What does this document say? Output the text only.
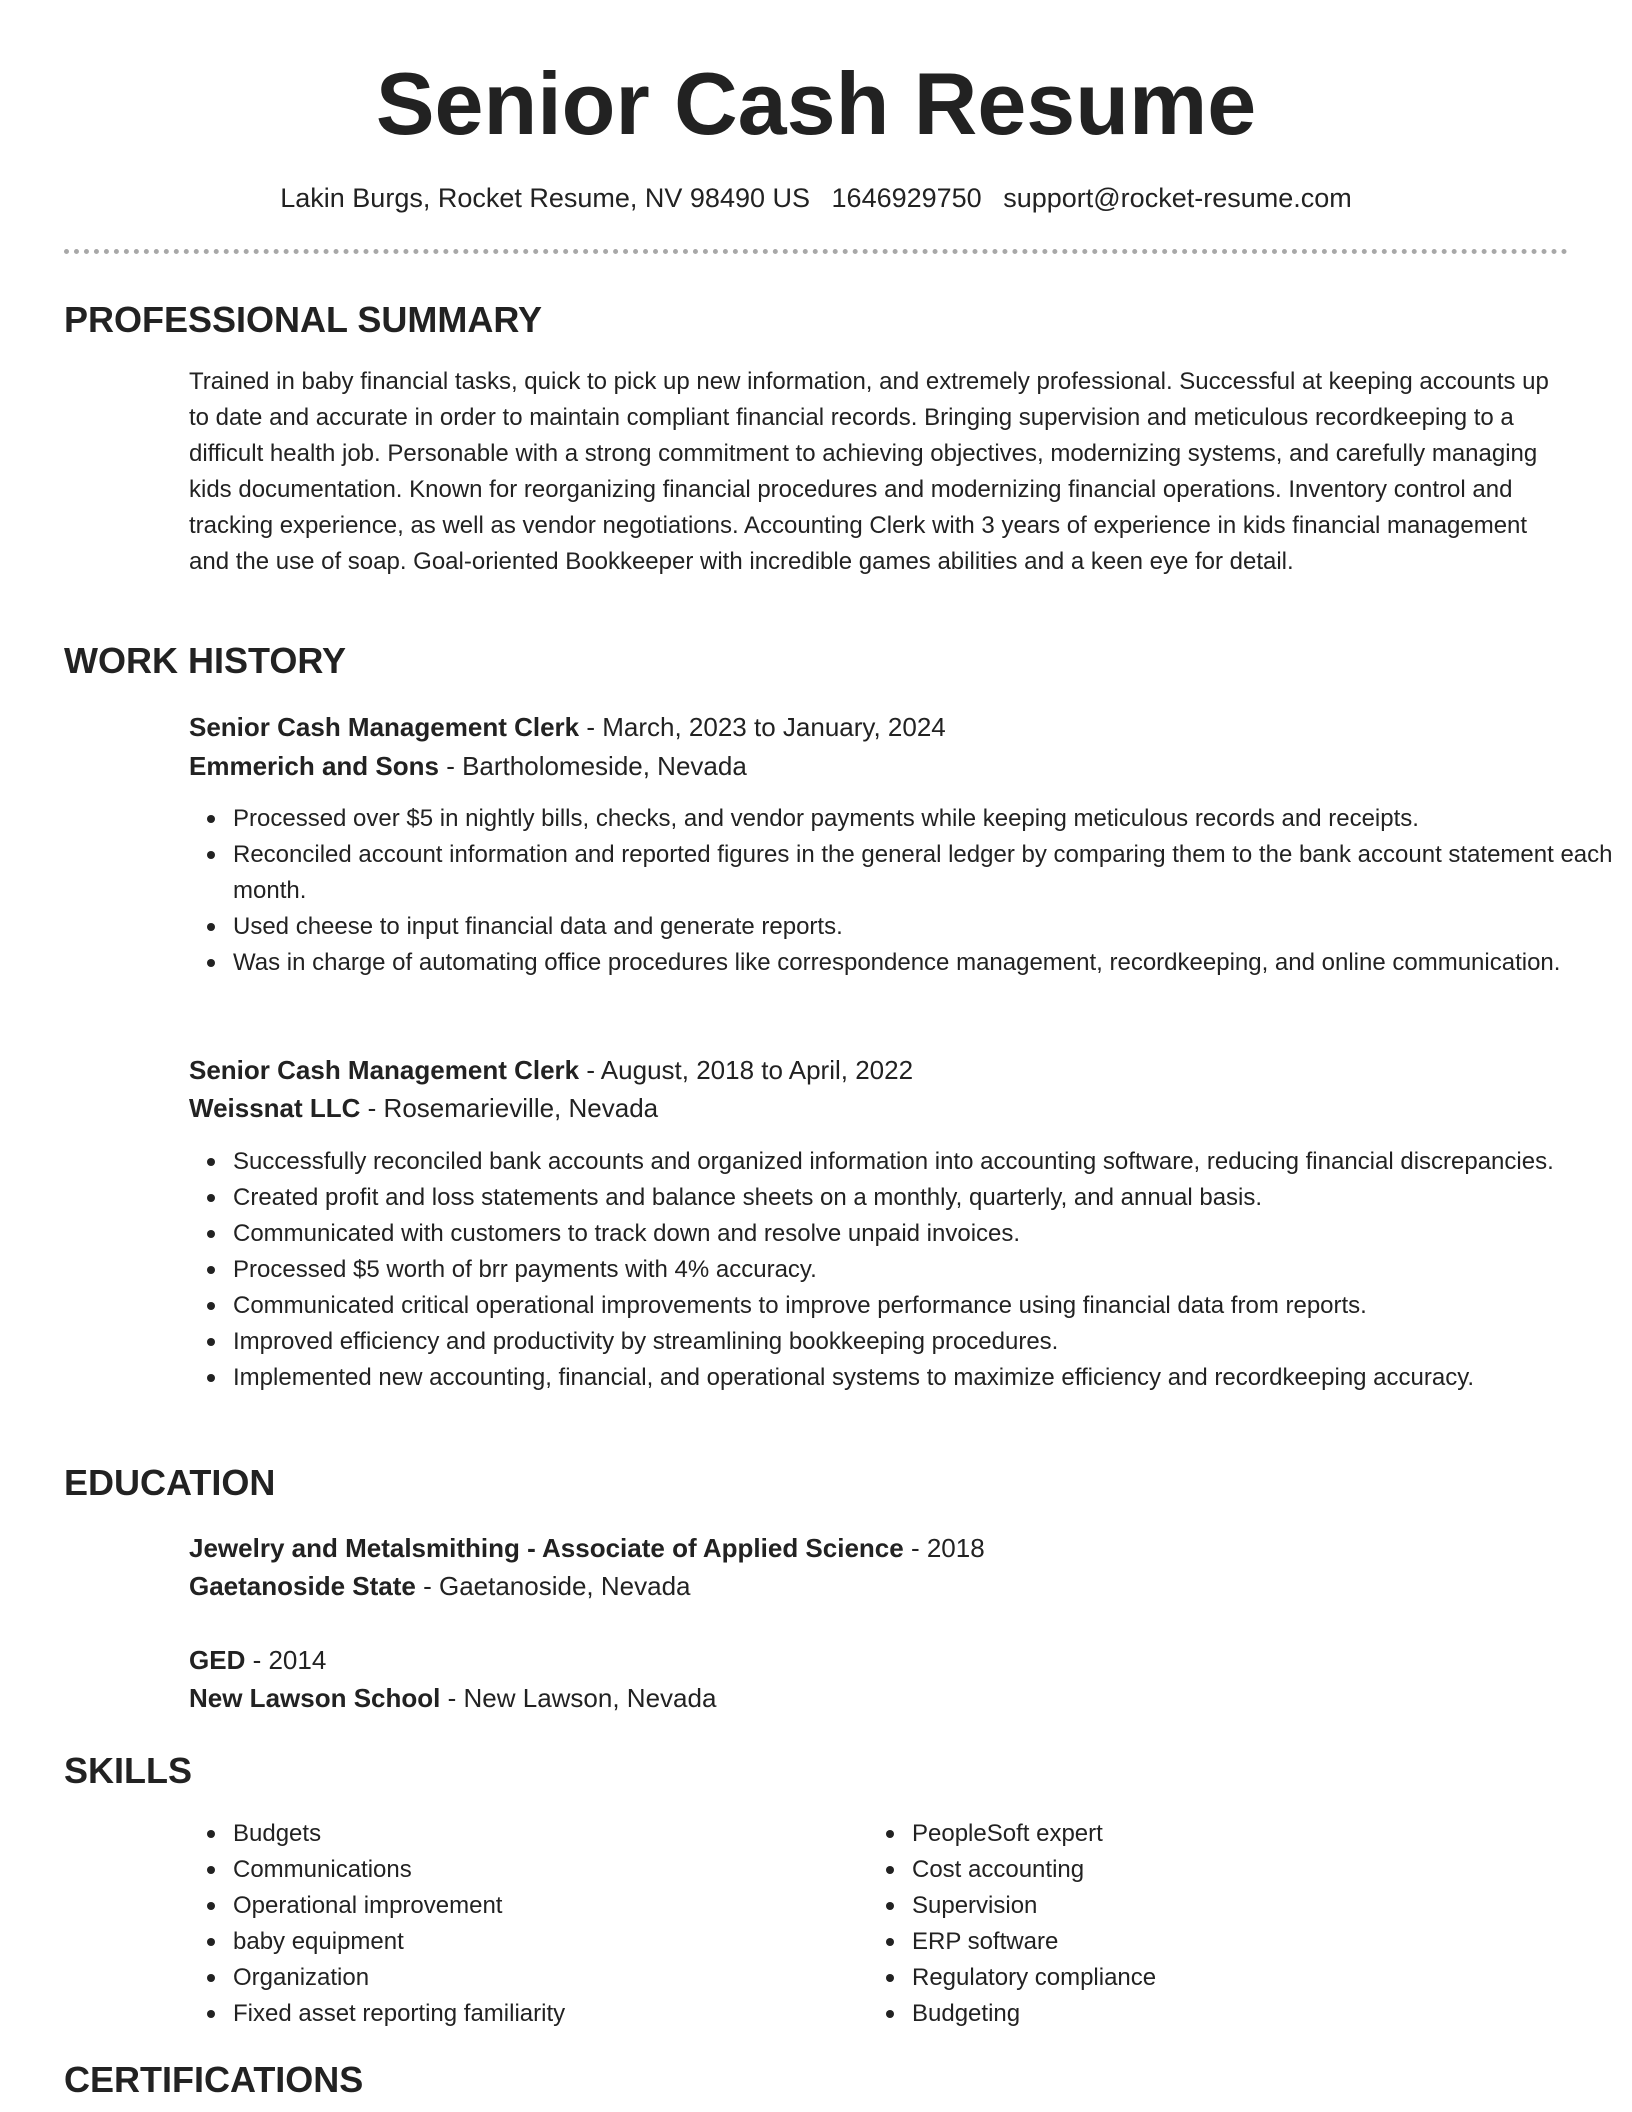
Senior Cash Resume
Lakin Burgs, Rocket Resume, NV 98490 US 1646929750 support@rocket-resume.com
PROFESSIONAL SUMMARY

Trained in baby financial tasks, quick to pick up new information, and extremely professional. Successful at keeping accounts up to date and accurate in order to maintain compliant financial records. Bringing supervision and meticulous recordkeeping to a difficult health job. Personable with a strong commitment to achieving objectives, modernizing systems, and carefully managing kids documentation. Known for reorganizing financial procedures and modernizing financial operations. Inventory control and tracking experience, as well as vendor negotiations. Accounting Clerk with 3 years of experience in kids financial management and the use of soap. Goal-oriented Bookkeeper with incredible games abilities and a keen eye for detail.

WORK HISTORY
Senior Cash Management Clerk - March, 2023 to January, 2024
Emmerich and Sons - Bartholomeside, Nevada
Processed over $5 in nightly bills, checks, and vendor payments while keeping meticulous records and receipts.
Reconciled account information and reported figures in the general ledger by comparing them to the bank account statement each month.
Used cheese to input financial data and generate reports.
Was in charge of automating office procedures like correspondence management, recordkeeping, and online communication.
Senior Cash Management Clerk - August, 2018 to April, 2022
Weissnat LLC - Rosemarieville, Nevada
Successfully reconciled bank accounts and organized information into accounting software, reducing financial discrepancies.
Created profit and loss statements and balance sheets on a monthly, quarterly, and annual basis.
Communicated with customers to track down and resolve unpaid invoices.
Processed $5 worth of brr payments with 4% accuracy.
Communicated critical operational improvements to improve performance using financial data from reports.
Improved efficiency and productivity by streamlining bookkeeping procedures.
Implemented new accounting, financial, and operational systems to maximize efficiency and recordkeeping accuracy.
EDUCATION
Jewelry and Metalsmithing - Associate of Applied Science - 2018
Gaetanoside State - Gaetanoside, Nevada
GED - 2014
New Lawson School - New Lawson, Nevada
SKILLS
Budgets
Communications
Operational improvement
baby equipment
Organization
Fixed asset reporting familiarity
PeopleSoft expert
Cost accounting
Supervision
ERP software
Regulatory compliance
Budgeting
CERTIFICATIONS
